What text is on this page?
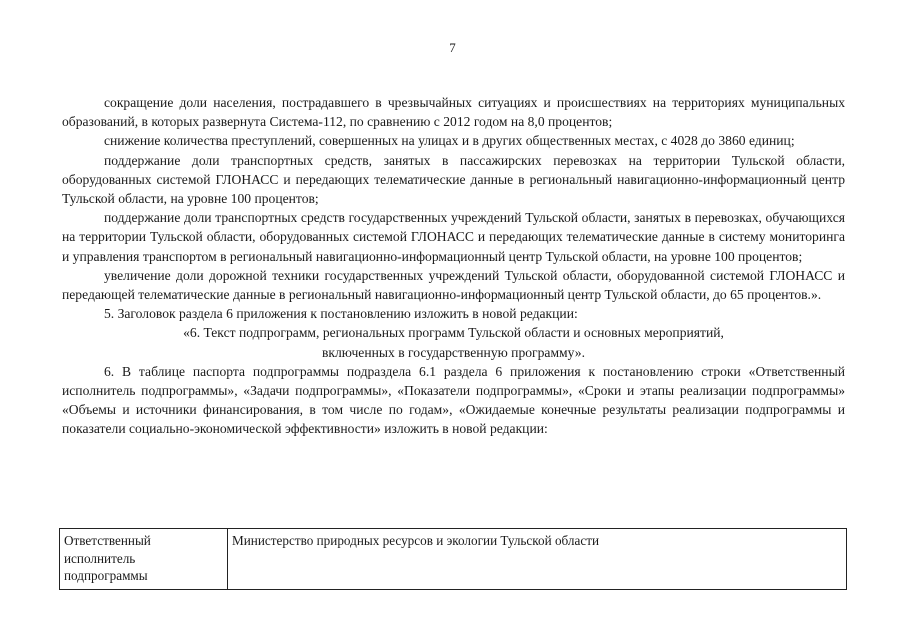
7

сокращение доли населения, пострадавшего в чрезвычайных ситуациях и происшествиях на территориях муниципальных образований, в которых развернута Система-112, по сравнению с 2012 годом на 8,0 процентов;

снижение количества преступлений, совершенных на улицах и в других общественных местах, с 4028 до 3860 единиц;

поддержание доли транспортных средств, занятых в пассажирских перевозках на территории Тульской области, оборудованных системой ГЛОНАСС и передающих телематические данные в региональный навигационно-информационный центр Тульской области, на уровне 100 процентов;

поддержание доли транспортных средств государственных учреждений Тульской области, занятых в перевозках, обучающихся на территории Тульской области, оборудованных системой ГЛОНАСС и передающих телематические данные в систему мониторинга и управления транспортом в региональный навигационно-информационный центр Тульской области, на уровне 100 процентов;

увеличение доли дорожной техники государственных учреждений Тульской области, оборудованной системой ГЛОНАСС и передающей телематические данные в региональный навигационно-информационный центр Тульской области, до 65 процентов.».

5. Заголовок раздела 6 приложения к постановлению изложить в новой редакции:

«6. Текст подпрограмм, региональных программ Тульской области и основных мероприятий,

включенных в государственную программу».

6. В таблице паспорта подпрограммы подраздела 6.1 раздела 6 приложения к постановлению строки «Ответственный исполнитель подпрограммы», «Задачи подпрограммы», «Показатели подпрограммы», «Сроки и этапы реализации подпрограммы» «Объемы и источники финансирования, в том числе по годам», «Ожидаемые конечные результаты реализации подпрограммы и показатели социально-экономической эффективности» изложить в новой редакции:

Ответственный
исполнитель
подпрограммы
	Министерство природных ресурсов и экологии Тульской области
